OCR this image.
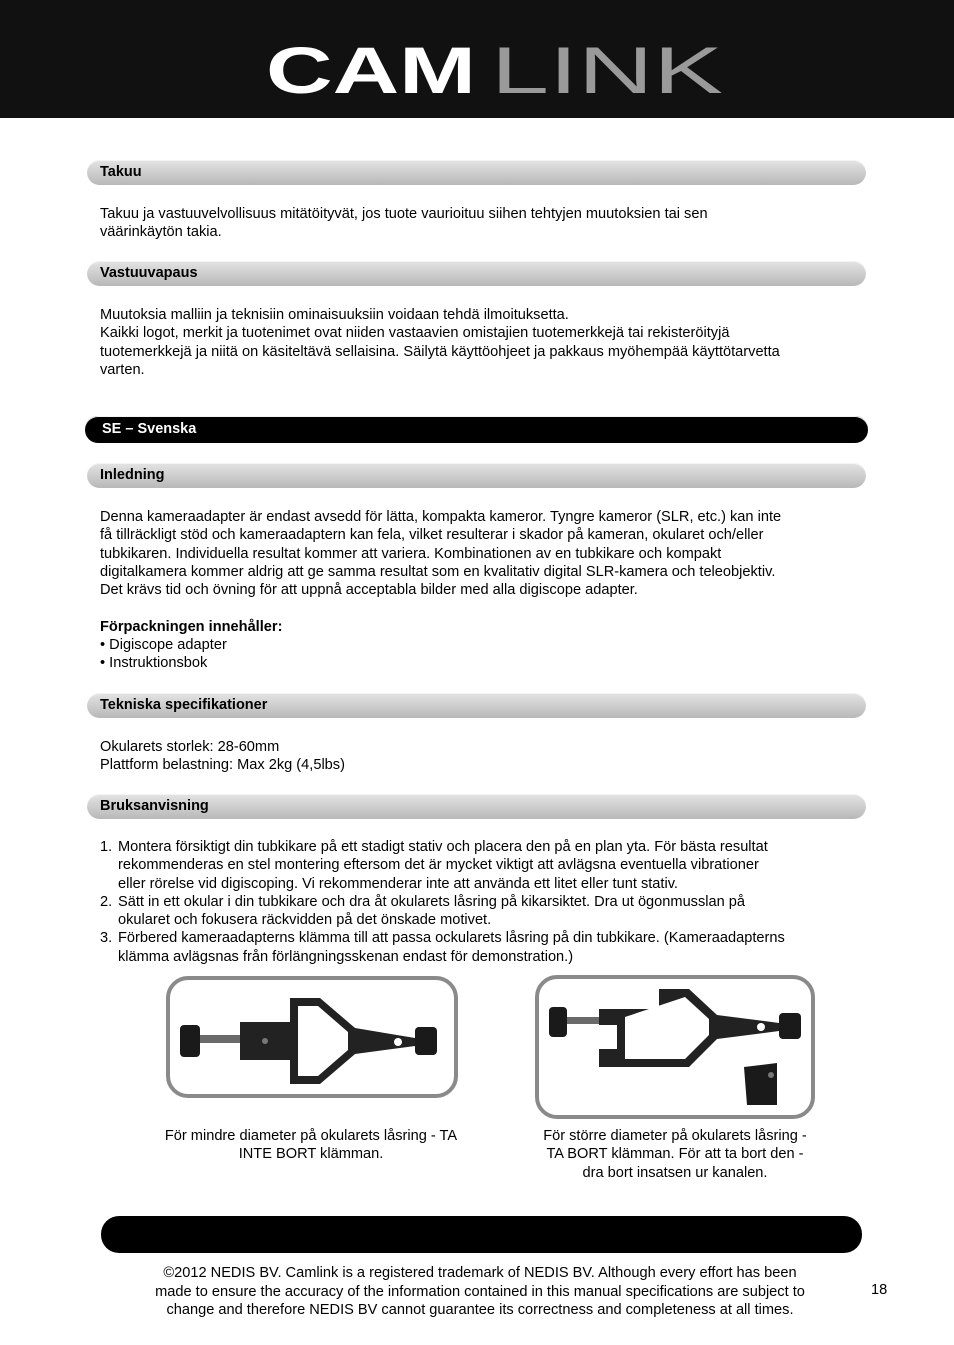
CAM LINK
Takuu

Takuu ja vastuuvelvollisuus mitätöityvät, jos tuote vaurioituu siihen tehtyjen muutoksien tai sen

väärinkäytön takia.

Vastuuvapaus

Muutoksia malliin ja teknisiin ominaisuuksiin voidaan tehdä ilmoituksetta.

Kaikki logot, merkit ja tuotenimet ovat niiden vastaavien omistajien tuotemerkkejä tai rekisteröityjä

tuotemerkkejä ja niitä on käsiteltävä sellaisina. Säilytä käyttöohjeet ja pakkaus myöhempää käyttötarvetta

varten.

SE – Svenska
Inledning

Denna kameraadapter är endast avsedd för lätta, kompakta kameror. Tyngre kameror (SLR, etc.) kan inte

få tillräckligt stöd och kameraadaptern kan fela, vilket resulterar i skador på kameran, okularet och/eller

tubkikaren. Individuella resultat kommer att variera. Kombinationen av en tubkikare och kompakt

digitalkamera kommer aldrig att ge samma resultat som en kvalitativ digital SLR-kamera och teleobjektiv.

Det krävs tid och övning för att uppnå acceptabla bilder med alla digiscope adapter.

Förpackningen innehåller:

• Digiscope adapter

• Instruktionsbok

Tekniska specifikationer

Okularets storlek: 28-60mm

Plattform belastning: Max 2kg (4,5lbs)

Bruksanvisning
1. Montera försiktigt din tubkikare på ett stadigt stativ och placera den på en plan yta. För bästa resultat
rekommenderas en stel montering eftersom det är mycket viktigt att avlägsna eventuella vibrationer
eller rörelse vid digiscoping. Vi rekommenderar inte att använda ett litet eller tunt stativ.
2. Sätt in ett okular i din tubkikare och dra åt okularets låsring på kikarsiktet. Dra ut ögonmusslan på
okularet och fokusera räckvidden på det önskade motivet.
3. Förbered kameraadapterns klämma till att passa ockularets låsring på din tubkikare. (Kameraadapterns
klämma avlägsnas från förlängningsskenan endast för demonstration.)
För mindre diameter på okularets låsring - TA
INTE BORT klämman.
För större diameter på okularets låsring -
TA BORT klämman. För att ta bort den -
dra bort insatsen ur kanalen.
©2012 NEDIS BV. Camlink is a registered trademark of NEDIS BV. Although every effort has been
made to ensure the accuracy of the information contained in this manual specifications are subject to
change and therefore NEDIS BV cannot guarantee its correctness and completeness at all times.
18
